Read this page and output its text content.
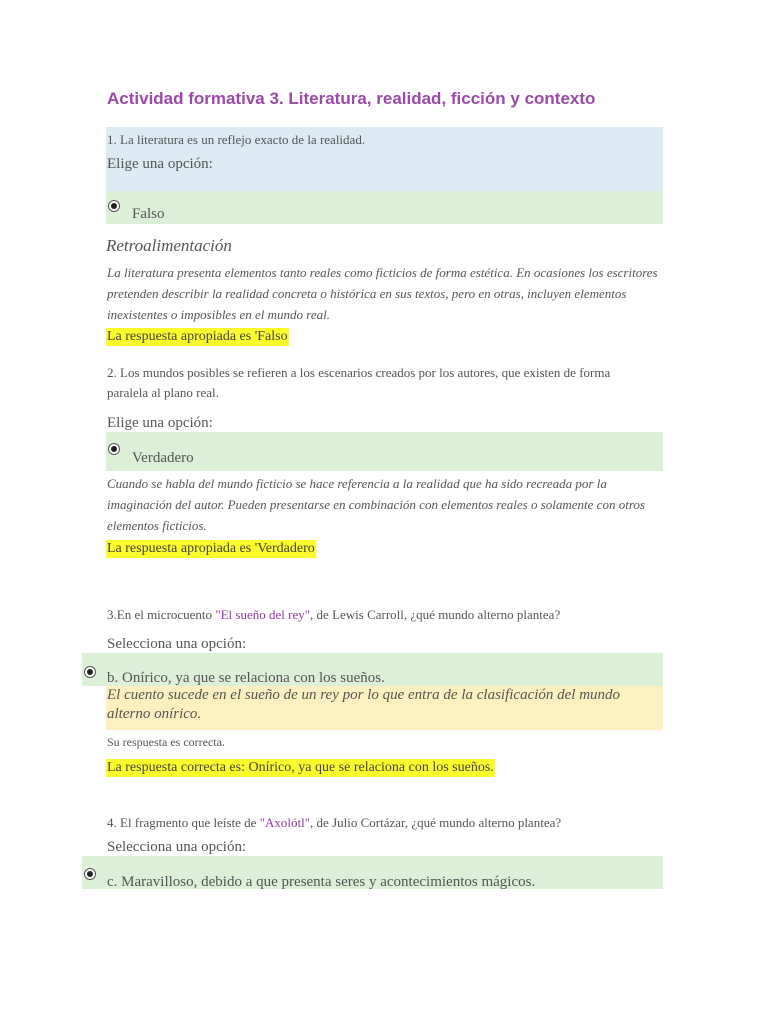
Actividad formativa 3. Literatura, realidad, ficción y contexto
1. La literatura es un reflejo exacto de la realidad.
Elige una opción:
Falso
Retroalimentación
La literatura presenta elementos tanto reales como ficticios de forma estética. En ocasiones los escritores pretenden describir la realidad concreta o histórica en sus textos, pero en otras, incluyen elementos inexistentes o imposibles en el mundo real.
La respuesta apropiada es 'Falso
2. Los mundos posibles se refieren a los escenarios creados por los autores, que existen de forma paralela al plano real.
Elige una opción:
Verdadero
Cuando se habla del mundo ficticio se hace referencia a la realidad que ha sido recreada por la imaginación del autor. Pueden presentarse en combinación con elementos reales o solamente con otros elementos ficticios.
La respuesta apropiada es 'Verdadero
3.En el microcuento "El sueño del rey", de Lewis Carroll, ¿qué mundo alterno plantea?
Selecciona una opción:
b. Onírico, ya que se relaciona con los sueños.
El cuento sucede en el sueño de un rey por lo que entra de la clasificación del mundo alterno onírico.
Su respuesta es correcta.
La respuesta correcta es: Onírico, ya que se relaciona con los sueños.
4. El fragmento que leíste de "Axolótl", de Julio Cortázar, ¿qué mundo alterno plantea?
Selecciona una opción:
c. Maravilloso, debido a que presenta seres y acontecimientos mágicos.
